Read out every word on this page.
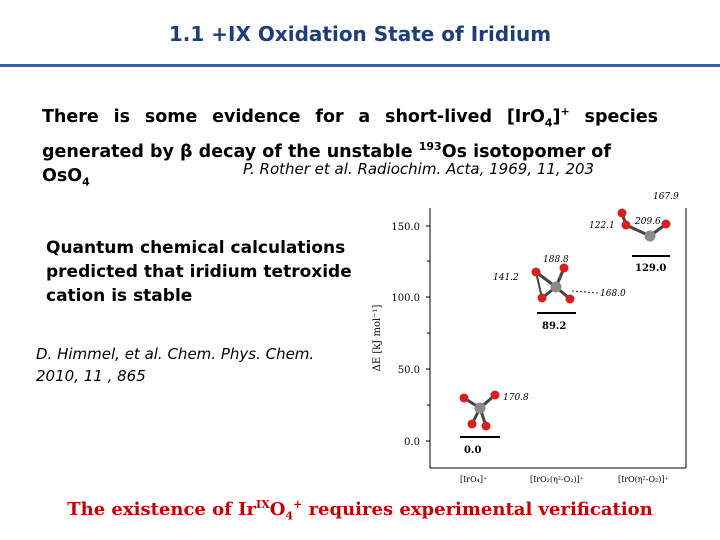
1.1 +IX Oxidation State of Iridium
There is some evidence for a short-lived [IrO$_4$]+ species generated by β decay of the unstable $^{193}$Os isotopomer of
OsO$_4$
P. Rother et al. Radiochim. Acta, 1969, 11, 203
Quantum chemical calculations predicted that iridium tetroxide cation is stable
D. Himmel, et al. Chem. Phys. Chem. 2010, 11 , 865
150.0
100.0
50.0
0.0
ΔE [kJ mol⁻¹]
0.0
89.2
129.0
170.8
188.8
141.2
168.0
167.9
122.1 209.6
[IrO₄]⁺	[IrO₂(η²-O₂)]⁺	[IrO(η²-O₂)]⁺
The existence of $Ir^{IX}O_4^+$ requires experimental verification
